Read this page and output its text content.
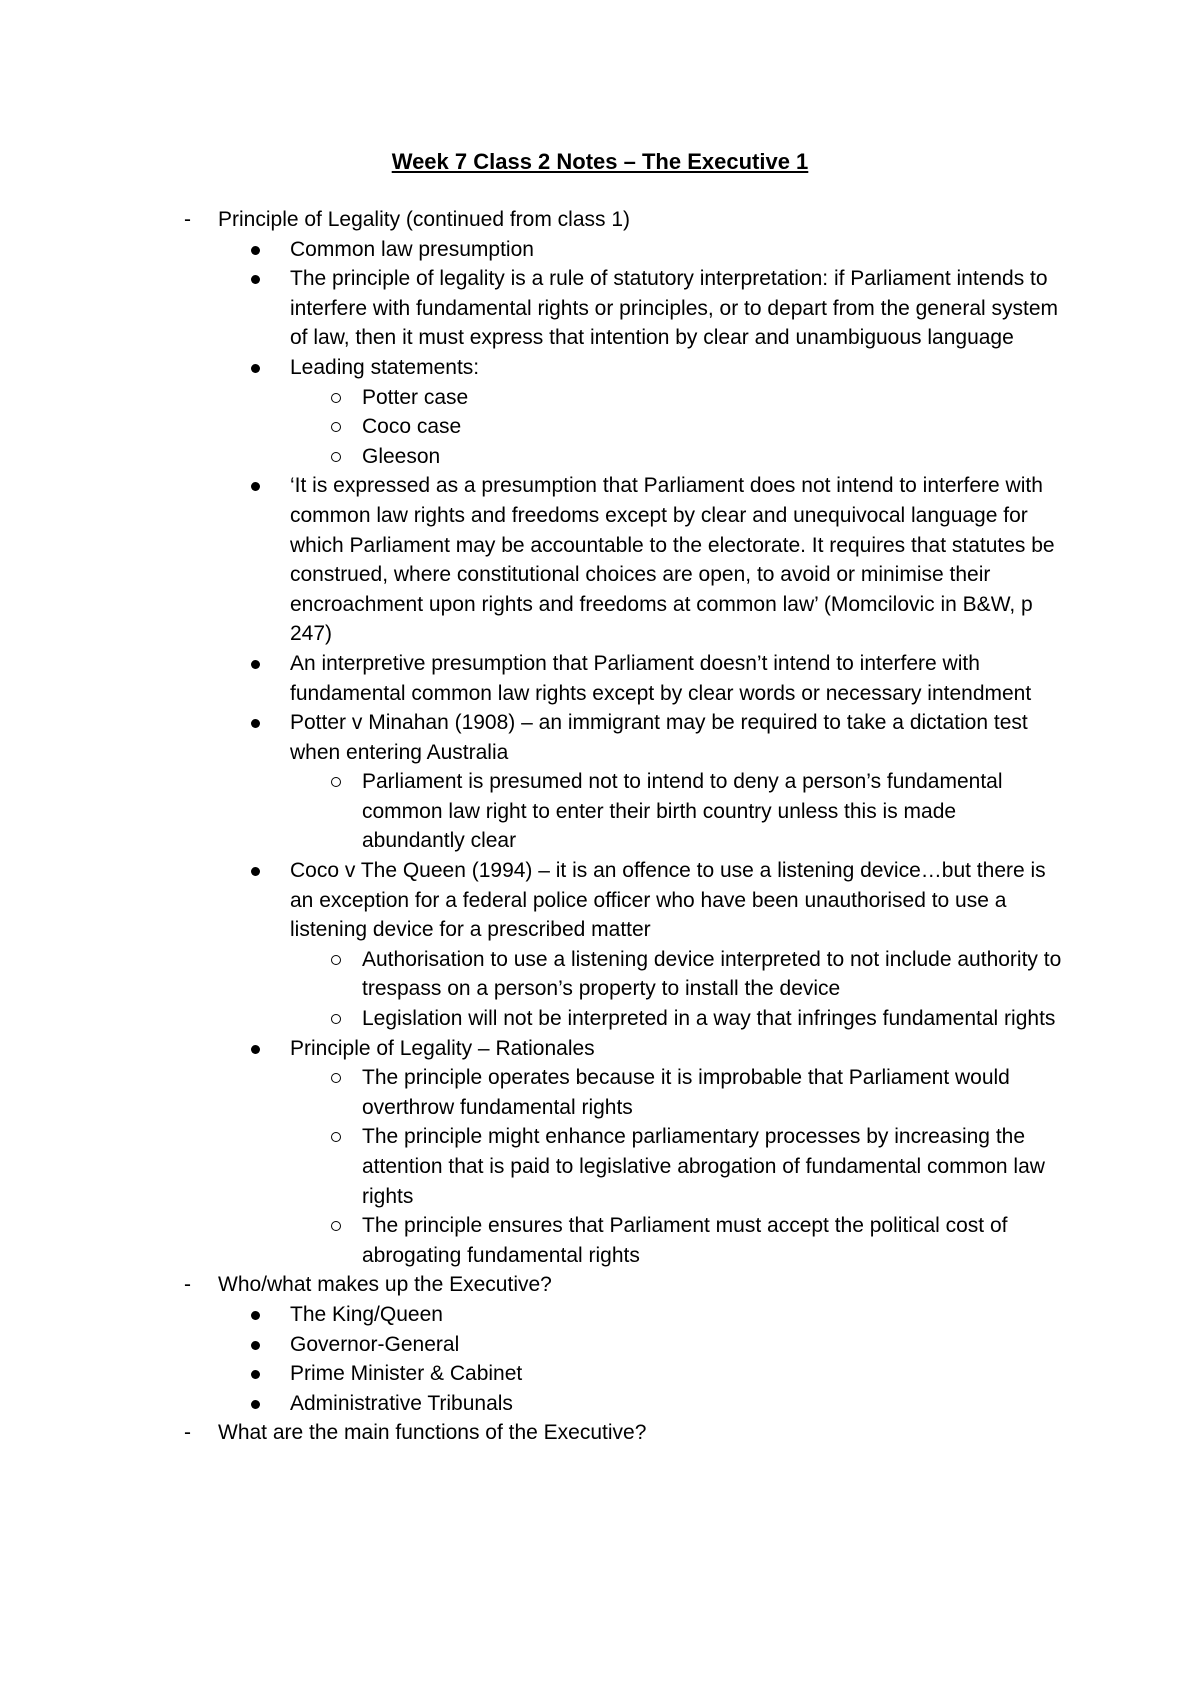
Week 7 Class 2 Notes – The Executive 1
- Principle of Legality (continued from class 1)
Common law presumption
The principle of legality is a rule of statutory interpretation: if Parliament intends to interfere with fundamental rights or principles, or to depart from the general system of law, then it must express that intention by clear and unambiguous language
Leading statements:
Potter case
Coco case
Gleeson
‘It is expressed as a presumption that Parliament does not intend to interfere with common law rights and freedoms except by clear and unequivocal language for which Parliament may be accountable to the electorate. It requires that statutes be construed, where constitutional choices are open, to avoid or minimise their encroachment upon rights and freedoms at common law’ (Momcilovic in B&W, p 247)
An interpretive presumption that Parliament doesn’t intend to interfere with fundamental common law rights except by clear words or necessary intendment
Potter v Minahan (1908) – an immigrant may be required to take a dictation test when entering Australia
Parliament is presumed not to intend to deny a person’s fundamental common law right to enter their birth country unless this is made abundantly clear
Coco v The Queen (1994) – it is an offence to use a listening device…but there is an exception for a federal police officer who have been unauthorised to use a listening device for a prescribed matter
Authorisation to use a listening device interpreted to not include authority to trespass on a person’s property to install the device
Legislation will not be interpreted in a way that infringes fundamental rights
Principle of Legality – Rationales
The principle operates because it is improbable that Parliament would overthrow fundamental rights
The principle might enhance parliamentary processes by increasing the attention that is paid to legislative abrogation of fundamental common law rights
The principle ensures that Parliament must accept the political cost of abrogating fundamental rights
- Who/what makes up the Executive?
The King/Queen
Governor-General
Prime Minister & Cabinet
Administrative Tribunals
- What are the main functions of the Executive?
